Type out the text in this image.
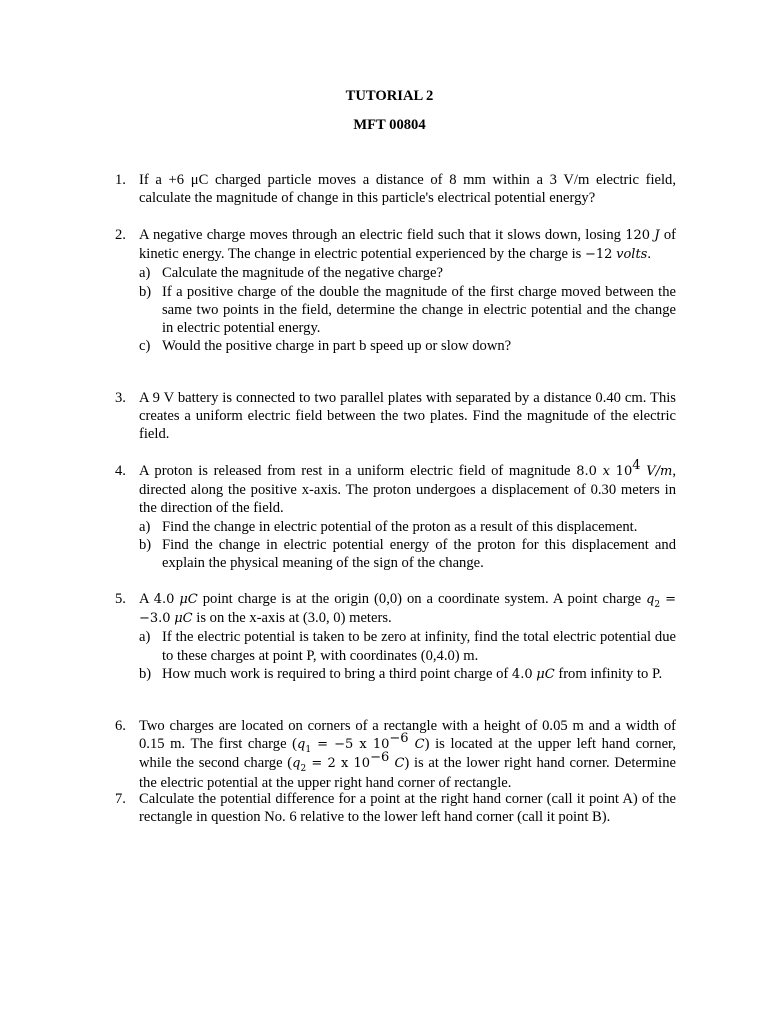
TUTORIAL 2
MFT 00804
1. If a +6 μC charged particle moves a distance of 8 mm within a 3 V/m electric field, calculate the magnitude of change in this particle's electrical potential energy?

2. A negative charge moves through an electric field such that it slows down, losing 120 J of kinetic energy. The change in electric potential experienced by the charge is −12 volts.

a) Calculate the magnitude of the negative charge?
b) If a positive charge of the double the magnitude of the first charge moved between the same two points in the field, determine the change in electric potential and the change in electric potential energy.
c) Would the positive charge in part b speed up or slow down?
3. A 9 V battery is connected to two parallel plates with separated by a distance 0.40 cm. This creates a uniform electric field between the two plates. Find the magnitude of the electric field.

4. A proton is released from rest in a uniform electric field of magnitude 8.0 x $10^4$ V/m, directed along the positive x-axis. The proton undergoes a displacement of 0.30 meters in the direction of the field.

a) Find the change in electric potential of the proton as a result of this displacement.
b) Find the change in electric potential energy of the proton for this displacement and explain the physical meaning of the sign of the change.
5. A 4.0 μC point charge is at the origin (0,0) on a coordinate system. A point charge $q_2 = -3.0$ μC is on the x-axis at (3.0, 0) meters.

a) If the electric potential is taken to be zero at infinity, find the total electric potential due to these charges at point P, with coordinates (0,4.0) m.
b) How much work is required to bring a third point charge of 4.0 μC from infinity to P.
6. Two charges are located on corners of a rectangle with a height of 0.05 m and a width of 0.15 m. The first charge ($q_1 = -5$ x $10^{-6}$ C) is located at the upper left hand corner, while the second charge ($q_2 = 2$ x $10^{-6}$ C) is at the lower right hand corner. Determine the electric potential at the upper right hand corner of rectangle.

7. Calculate the potential difference for a point at the right hand corner (call it point A) of the rectangle in question No. 6 relative to the lower left hand corner (call it point B).
